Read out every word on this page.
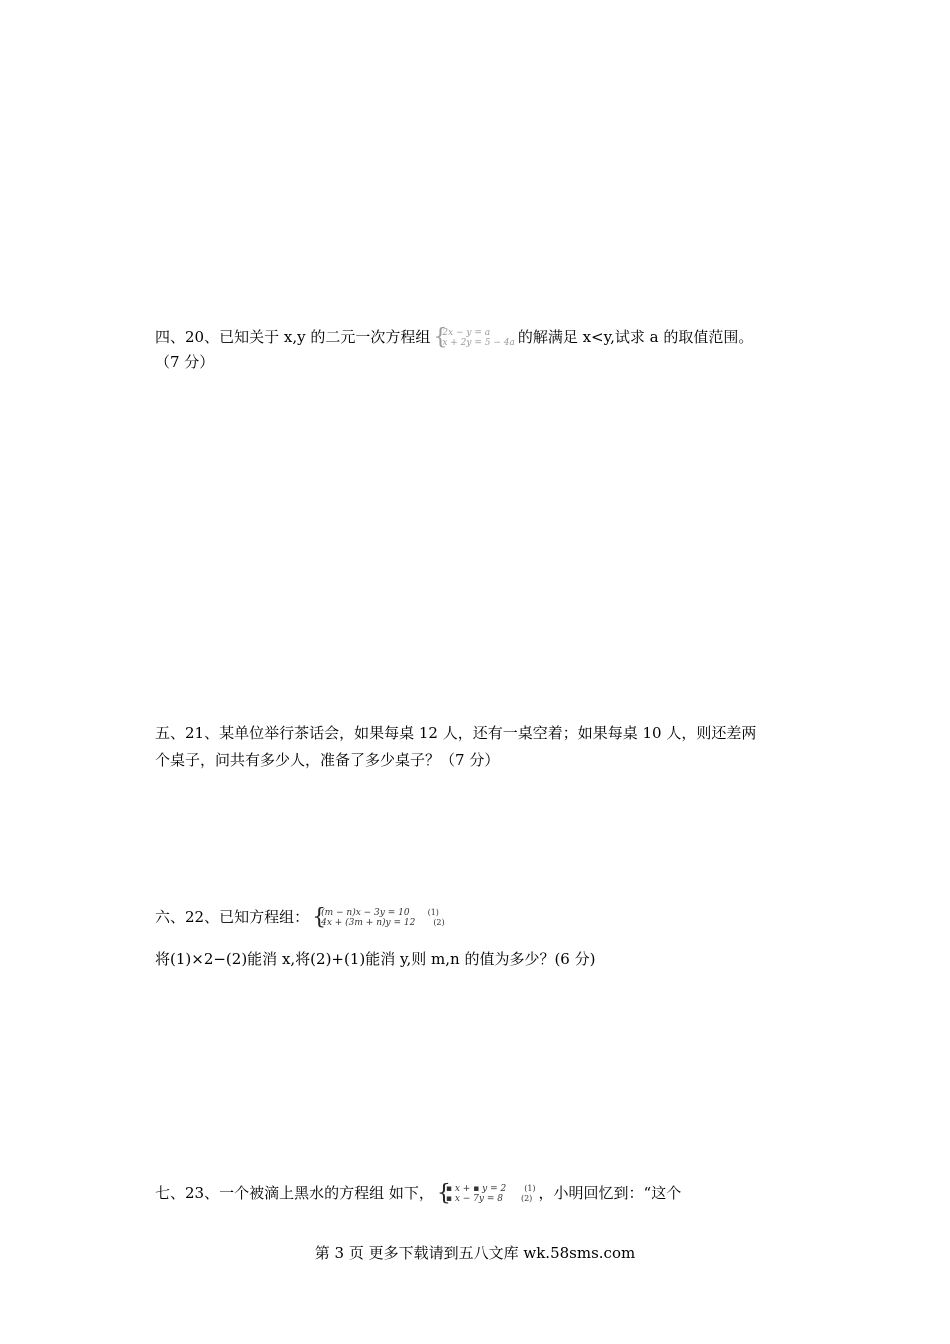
四、20、已知关于 x,y 的二元一次方程组 {
2x − y = a
x + 2y = 5 − 4a 的解满足 x<y,试求 a 的取值范围。
（7 分）
五、21、某单位举行茶话会，如果每桌 12 人，还有一桌空着；如果每桌 10 人，则还差两
个桌子，问共有多少人，准备了多少桌子？（7 分）
六、22、已知方程组： {
(m − n)x − 3y = 10 (1)
4x + (3m + n)y = 12 (2)
将(1)×2−(2)能消 x,将(2)+(1)能消 y,则 m,n 的值为多少？(6 分)
七、23、一个被滴上黑水的方程组 如下， {
▪ x + ▪ y = 2 (1)
▪ x − 7y = 8 (2) ，小明回忆到：“这个
第 3 页 更多下载请到五八文库 wk.58sms.com
